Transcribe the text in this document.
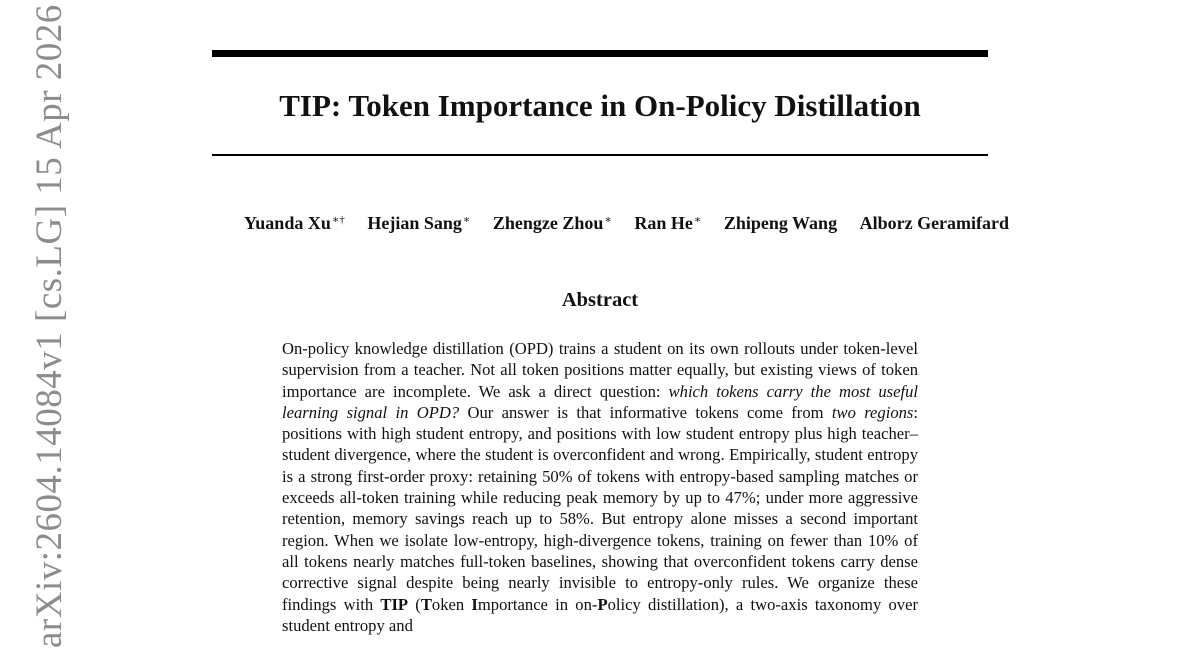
TIP: Token Importance in On-Policy Distillation
Yuanda Xu∗† Hejian Sang∗ Zhengze Zhou∗ Ran He∗ Zhipeng Wang Alborz Geramifard
Abstract

On-policy knowledge distillation (OPD) trains a student on its own rollouts under token-level supervision from a teacher. Not all token positions matter equally, but existing views of token importance are incomplete. We ask a direct question: which tokens carry the most useful learning signal in OPD? Our answer is that informative tokens come from two regions: positions with high student entropy, and positions with low student entropy plus high teacher–student divergence, where the student is overconfident and wrong. Empirically, student entropy is a strong first-order proxy: retaining 50% of tokens with entropy-based sampling matches or exceeds all-token training while reducing peak memory by up to 47%; under more aggressive retention, memory savings reach up to 58%. But entropy alone misses a second important region. When we isolate low-entropy, high-divergence tokens, training on fewer than 10% of all tokens nearly matches full-token baselines, showing that overconfident tokens carry dense corrective signal despite being nearly invisible to entropy-only rules. We organize these findings with TIP (Token Importance in on-Policy distillation), a two-axis taxonomy over student entropy and

arXiv:2604.14084v1 [cs.LG] 15 Apr 2026
